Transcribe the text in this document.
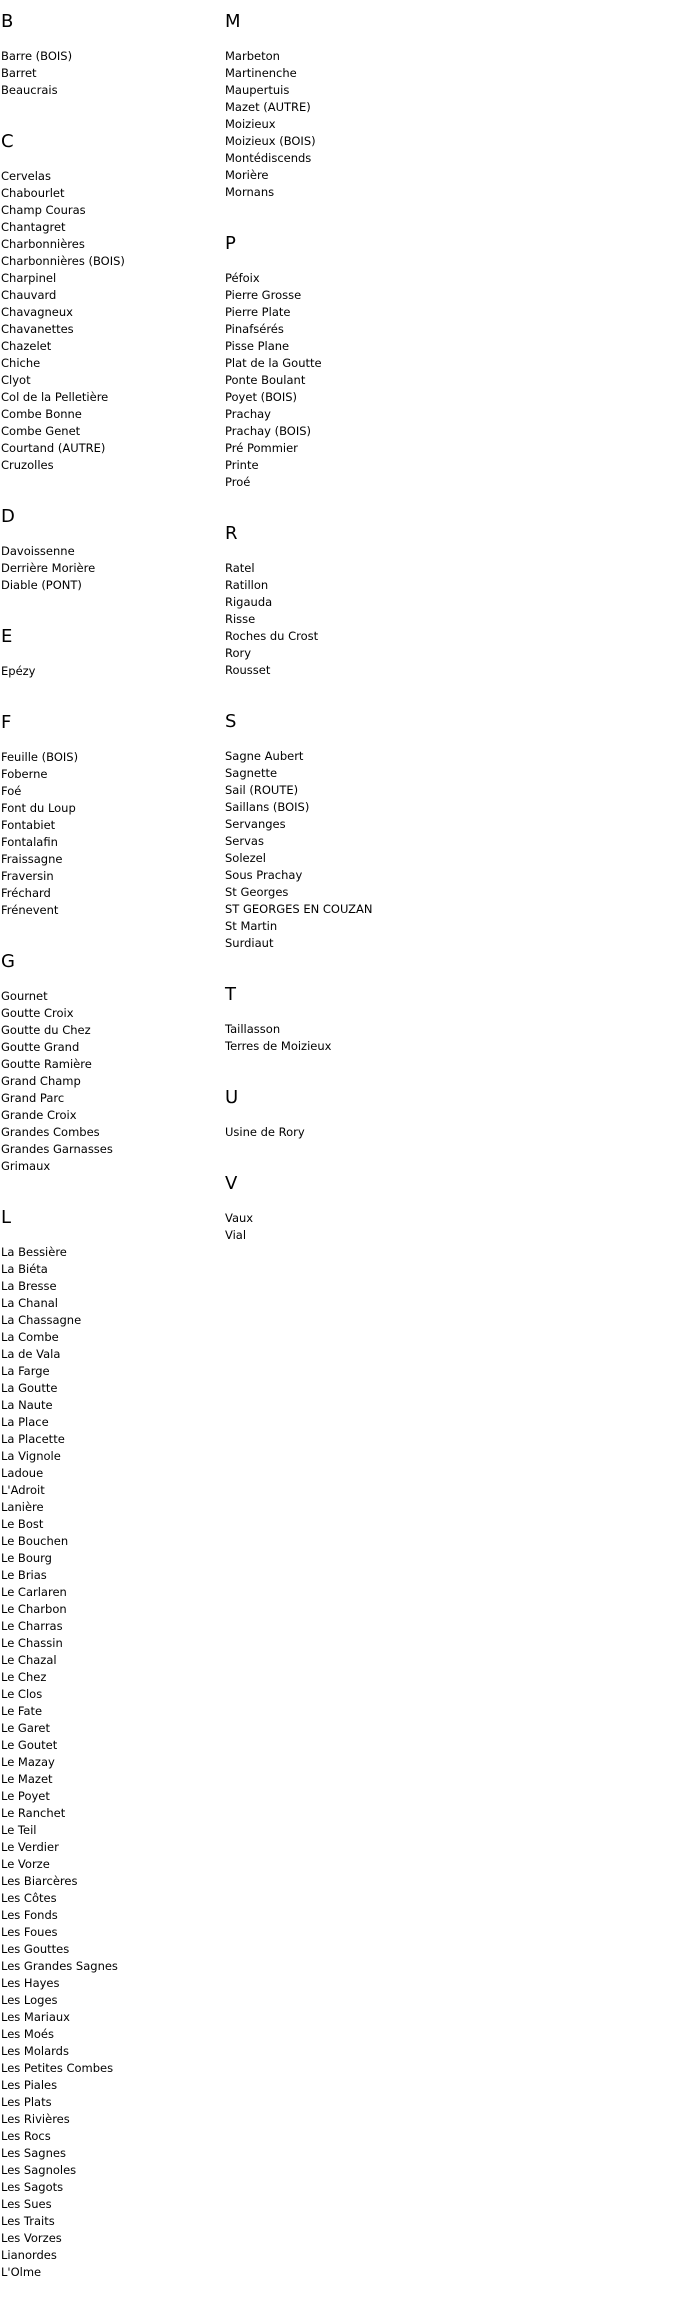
B
Barre (BOIS)
Barret
Beaucrais
C
Cervelas
Chabourlet
Champ Couras
Chantagret
Charbonnières
Charbonnières (BOIS)
Charpinel
Chauvard
Chavagneux
Chavanettes
Chazelet
Chiche
Clyot
Col de la Pelletière
Combe Bonne
Combe Genet
Courtand (AUTRE)
Cruzolles
D
Davoissenne
Derrière Morière
Diable (PONT)
E
Epézy
F
Feuille (BOIS)
Foberne
Foé
Font du Loup
Fontabiet
Fontalafin
Fraissagne
Fraversin
Fréchard
Frénevent
G
Gournet
Goutte Croix
Goutte du Chez
Goutte Grand
Goutte Ramière
Grand Champ
Grand Parc
Grande Croix
Grandes Combes
Grandes Garnasses
Grimaux
L
La Bessière
La Biéta
La Bresse
La Chanal
La Chassagne
La Combe
La de Vala
La Farge
La Goutte
La Naute
La Place
La Placette
La Vignole
Ladoue
L'Adroit
Lanière
Le Bost
Le Bouchen
Le Bourg
Le Brias
Le Carlaren
Le Charbon
Le Charras
Le Chassin
Le Chazal
Le Chez
Le Clos
Le Fate
Le Garet
Le Goutet
Le Mazay
Le Mazet
Le Poyet
Le Ranchet
Le Teil
Le Verdier
Le Vorze
Les Biarcères
Les Côtes
Les Fonds
Les Foues
Les Gouttes
Les Grandes Sagnes
Les Hayes
Les Loges
Les Mariaux
Les Moés
Les Molards
Les Petites Combes
Les Piales
Les Plats
Les Rivières
Les Rocs
Les Sagnes
Les Sagnoles
Les Sagots
Les Sues
Les Traits
Les Vorzes
Lianordes
L'Olme
M
Marbeton
Martinenche
Maupertuis
Mazet (AUTRE)
Moizieux
Moizieux (BOIS)
Montédiscends
Morière
Mornans
P
Péfoix
Pierre Grosse
Pierre Plate
Pinafsérés
Pisse Plane
Plat de la Goutte
Ponte Boulant
Poyet (BOIS)
Prachay
Prachay (BOIS)
Pré Pommier
Printe
Proé
R
Ratel
Ratillon
Rigauda
Risse
Roches du Crost
Rory
Rousset
S
Sagne Aubert
Sagnette
Sail (ROUTE)
Saillans (BOIS)
Servanges
Servas
Solezel
Sous Prachay
St Georges
ST GEORGES EN COUZAN
St Martin
Surdiaut
T
Taillasson
Terres de Moizieux
U
Usine de Rory
V
Vaux
Vial
